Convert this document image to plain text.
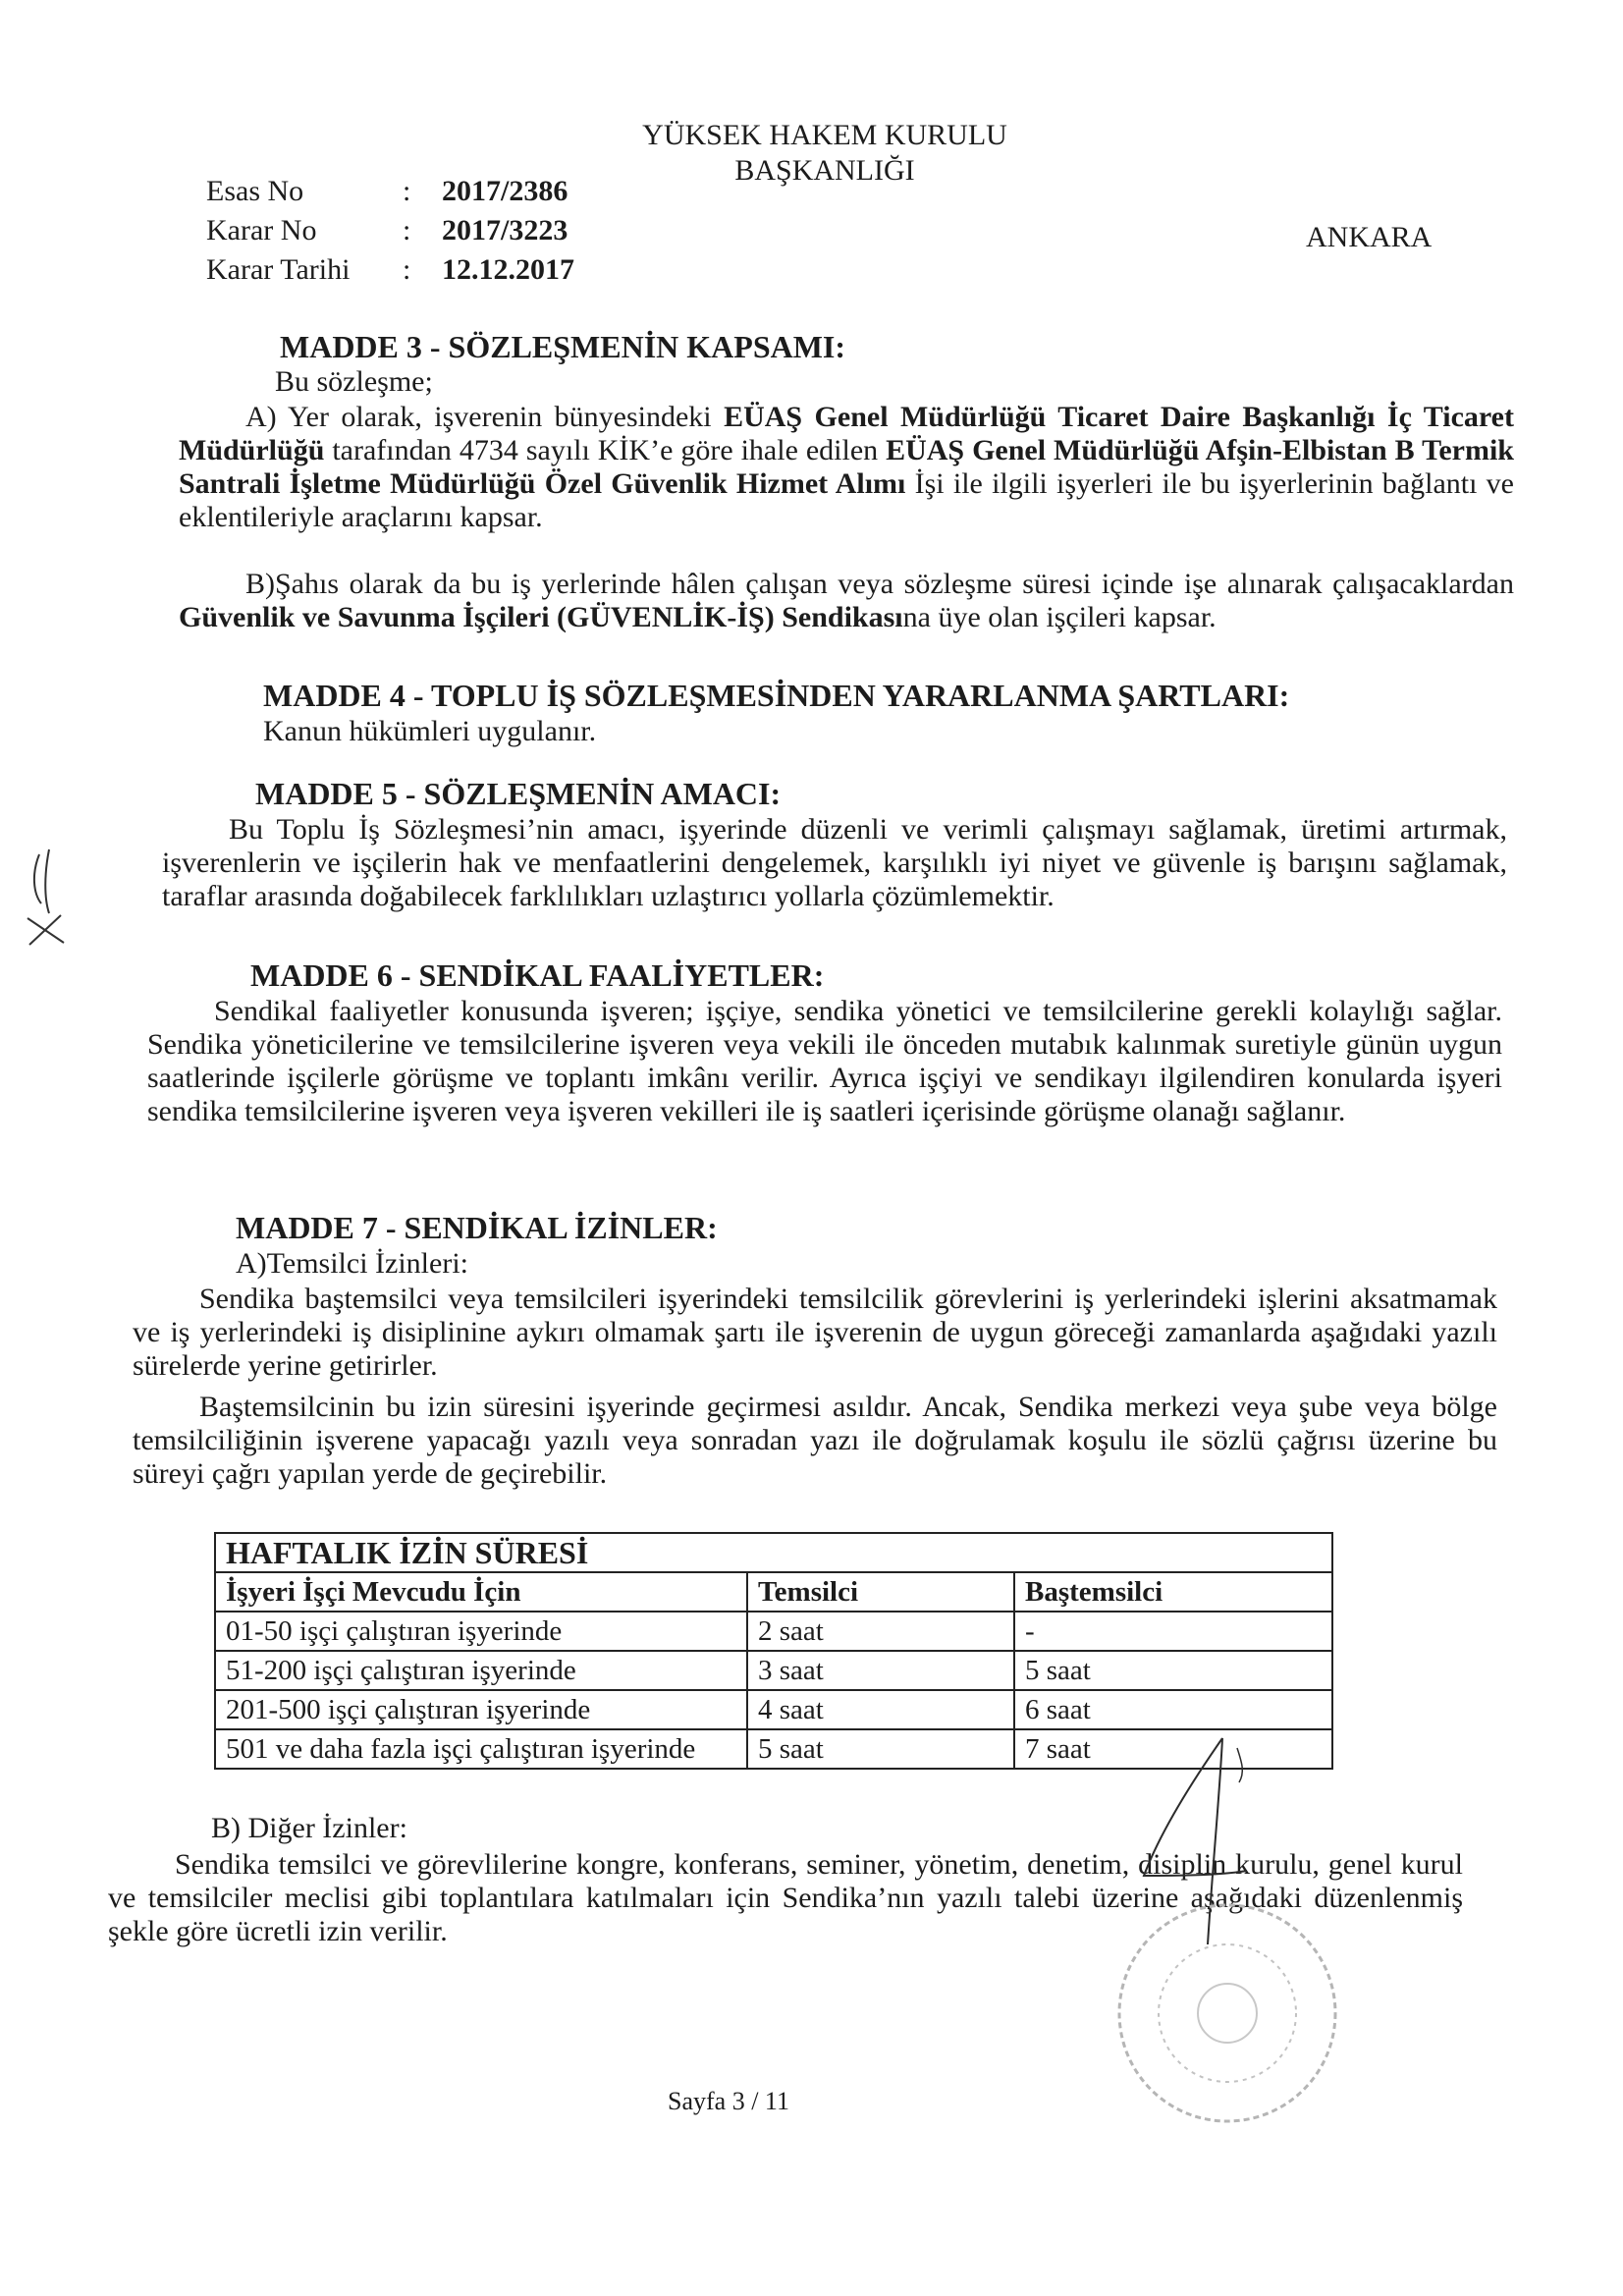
YÜKSEK HAKEM KURULU
BAŞKANLIĞI
Esas No	: 2017/2386
Karar No	: 2017/3223
Karar Tarihi : 12.12.2017
ANKARA
MADDE 3 - SÖZLEŞMENİN KAPSAMI:
Bu sözleşme;
A) Yer olarak, işverenin bünyesindeki EÜAŞ Genel Müdürlüğü Ticaret Daire Başkanlığı İç Ticaret Müdürlüğü tarafından 4734 sayılı KİK’e göre ihale edilen EÜAŞ Genel Müdürlüğü Afşin-Elbistan B Termik Santrali İşletme Müdürlüğü Özel Güvenlik Hizmet Alımı İşi ile ilgili işyerleri ile bu işyerlerinin bağlantı ve eklentileriyle araçlarını kapsar.
B)Şahıs olarak da bu iş yerlerinde hâlen çalışan veya sözleşme süresi içinde işe alınarak çalışacaklardan Güvenlik ve Savunma İşçileri (GÜVENLİK-İŞ) Sendikasına üye olan işçileri kapsar.
MADDE 4 - TOPLU İŞ SÖZLEŞMESİNDEN YARARLANMA ŞARTLARI:
Kanun hükümleri uygulanır.
MADDE 5 - SÖZLEŞMENİN AMACI:
Bu Toplu İş Sözleşmesi’nin amacı, işyerinde düzenli ve verimli çalışmayı sağlamak, üretimi artırmak, işverenlerin ve işçilerin hak ve menfaatlerini dengelemek, karşılıklı iyi niyet ve güvenle iş barışını sağlamak, taraflar arasında doğabilecek farklılıkları uzlaştırıcı yollarla çözümlemektir.
MADDE 6 - SENDİKAL FAALİYETLER:
Sendikal faaliyetler konusunda işveren; işçiye, sendika yönetici ve temsilcilerine gerekli kolaylığı sağlar. Sendika yöneticilerine ve temsilcilerine işveren veya vekili ile önceden mutabık kalınmak suretiyle günün uygun saatlerinde işçilerle görüşme ve toplantı imkânı verilir. Ayrıca işçiyi ve sendikayı ilgilendiren konularda işyeri sendika temsilcilerine işveren veya işveren vekilleri ile iş saatleri içerisinde görüşme olanağı sağlanır.
MADDE 7 - SENDİKAL İZİNLER:
A)Temsilci İzinleri:
Sendika baştemsilci veya temsilcileri işyerindeki temsilcilik görevlerini iş yerlerindeki işlerini aksatmamak ve iş yerlerindeki iş disiplinine aykırı olmamak şartı ile işverenin de uygun göreceği zamanlarda aşağıdaki yazılı sürelerde yerine getirirler.
Baştemsilcinin bu izin süresini işyerinde geçirmesi asıldır. Ancak, Sendika merkezi veya şube veya bölge temsilciliğinin işverene yapacağı yazılı veya sonradan yazı ile doğrulamak koşulu ile sözlü çağrısı üzerine bu süreyi çağrı yapılan yerde de geçirebilir.
HAFTALIK İZİN SÜRESİ		
İşyeri İşçi Mevcudu İçin	Temsilci	Baştemsilci
01-50 işçi çalıştıran işyerinde	2 saat	-
51-200 işçi çalıştıran işyerinde	3 saat	5 saat
201-500 işçi çalıştıran işyerinde	4 saat	6 saat
501 ve daha fazla işçi çalıştıran işyerinde	5 saat	7 saat
B) Diğer İzinler:
Sendika temsilci ve görevlilerine kongre, konferans, seminer, yönetim, denetim, disiplin kurulu, genel kurul ve temsilciler meclisi gibi toplantılara katılmaları için Sendika’nın yazılı talebi üzerine aşağıdaki düzenlenmiş şekle göre ücretli izin verilir.
Sayfa 3 / 11
